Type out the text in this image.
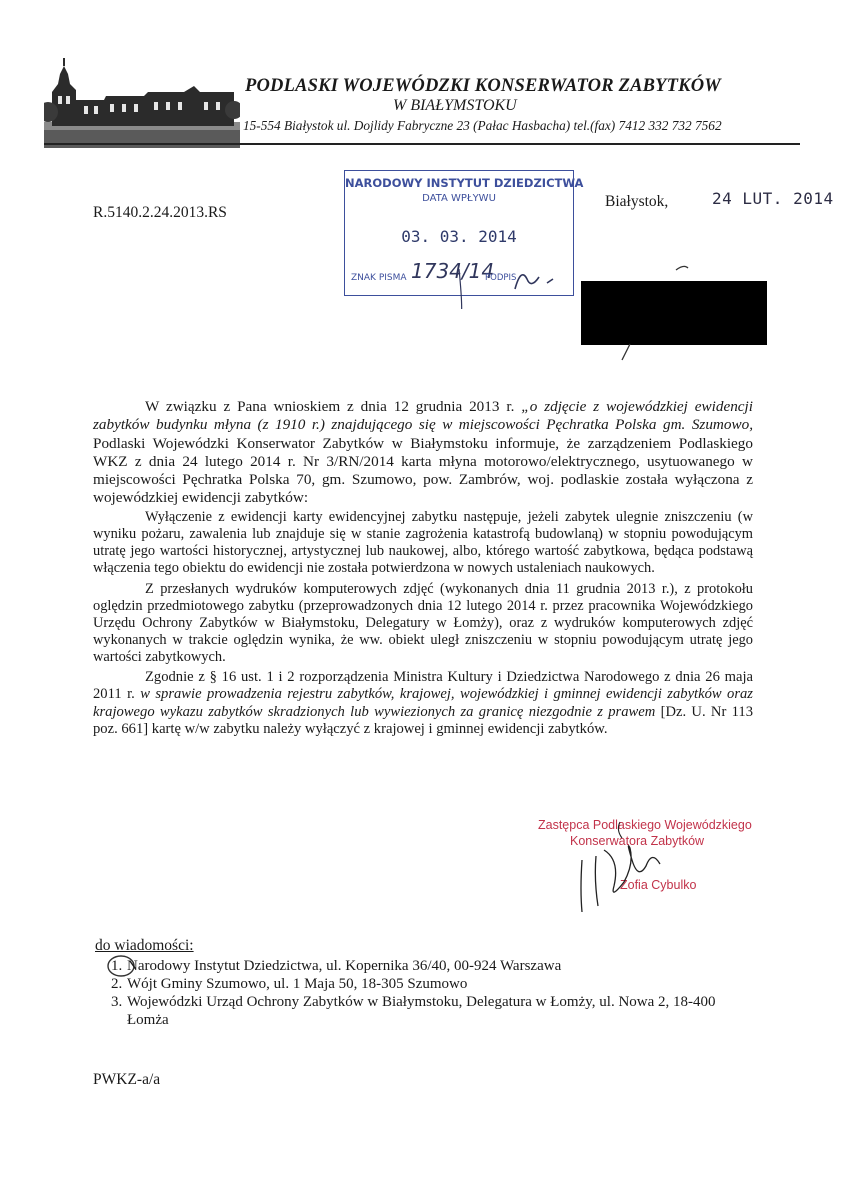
PODLASKI WOJEWÓDZKI KONSERWATOR ZABYTKÓW
W BIAŁYMSTOKU
15-554 Białystok ul. Dojlidy Fabryczne 23 (Pałac Hasbacha) tel.(fax) 7412 332 732 7562
R.5140.2.24.2013.RS
Białystok,	24 LUT. 2014
NARODOWY INSTYTUT DZIEDZICTWA
DATA WPŁYWU
03. 03. 2014
ZNAK PISMA 1734/14
PODPIS

W związku z Pana wnioskiem z dnia 12 grudnia 2013 r. „o zdjęcie z wojewódzkiej ewidencji zabytków budynku młyna (z 1910 r.) znajdującego się w miejscowości Pęchratka Polska gm. Szumowo, Podlaski Wojewódzki Konserwator Zabytków w Białymstoku informuje, że zarządzeniem Podlaskiego WKZ z dnia 24 lutego 2014 r. Nr 3/RN/2014 karta młyna motorowo/elektrycznego, usytuowanego w miejscowości Pęchratka Polska 70, gm. Szumowo, pow. Zambrów, woj. podlaskie została wyłączona z wojewódzkiej ewidencji zabytków:

Wyłączenie z ewidencji karty ewidencyjnej zabytku następuje, jeżeli zabytek ulegnie zniszczeniu (w wyniku pożaru, zawalenia lub znajduje się w stanie zagrożenia katastrofą budowlaną) w stopniu powodującym utratę jego wartości historycznej, artystycznej lub naukowej, albo, którego wartość zabytkowa, będąca podstawą włączenia tego obiektu do ewidencji nie została potwierdzona w nowych ustaleniach naukowych.

Z przesłanych wydruków komputerowych zdjęć (wykonanych dnia 11 grudnia 2013 r.), z protokołu oględzin przedmiotowego zabytku (przeprowadzonych dnia 12 lutego 2014 r. przez pracownika Wojewódzkiego Urzędu Ochrony Zabytków w Białymstoku, Delegatury w Łomży), oraz z wydruków komputerowych zdjęć wykonanych w trakcie oględzin wynika, że ww. obiekt uległ zniszczeniu w stopniu powodującym utratę jego wartości zabytkowych.

Zgodnie z § 16 ust. 1 i 2 rozporządzenia Ministra Kultury i Dziedzictwa Narodowego z dnia 26 maja 2011 r. w sprawie prowadzenia rejestru zabytków, krajowej, wojewódzkiej i gminnej ewidencji zabytków oraz krajowego wykazu zabytków skradzionych lub wywiezionych za granicę niezgodnie z prawem [Dz. U. Nr 113 poz. 661] kartę w/w zabytku należy wyłączyć z krajowej i gminnej ewidencji zabytków.

Zastępca Podlaskiego Wojewódzkiego
Konserwatora Zabytków
Zofia Cybulko
do wiadomości:
1. Narodowy Instytut Dziedzictwa, ul. Kopernika 36/40, 00-924 Warszawa
2. Wójt Gminy Szumowo, ul. 1 Maja 50, 18-305 Szumowo
3. Wojewódzki Urząd Ochrony Zabytków w Białymstoku, Delegatura w Łomży, ul. Nowa 2, 18-400 Łomża
PWKZ-a/a
